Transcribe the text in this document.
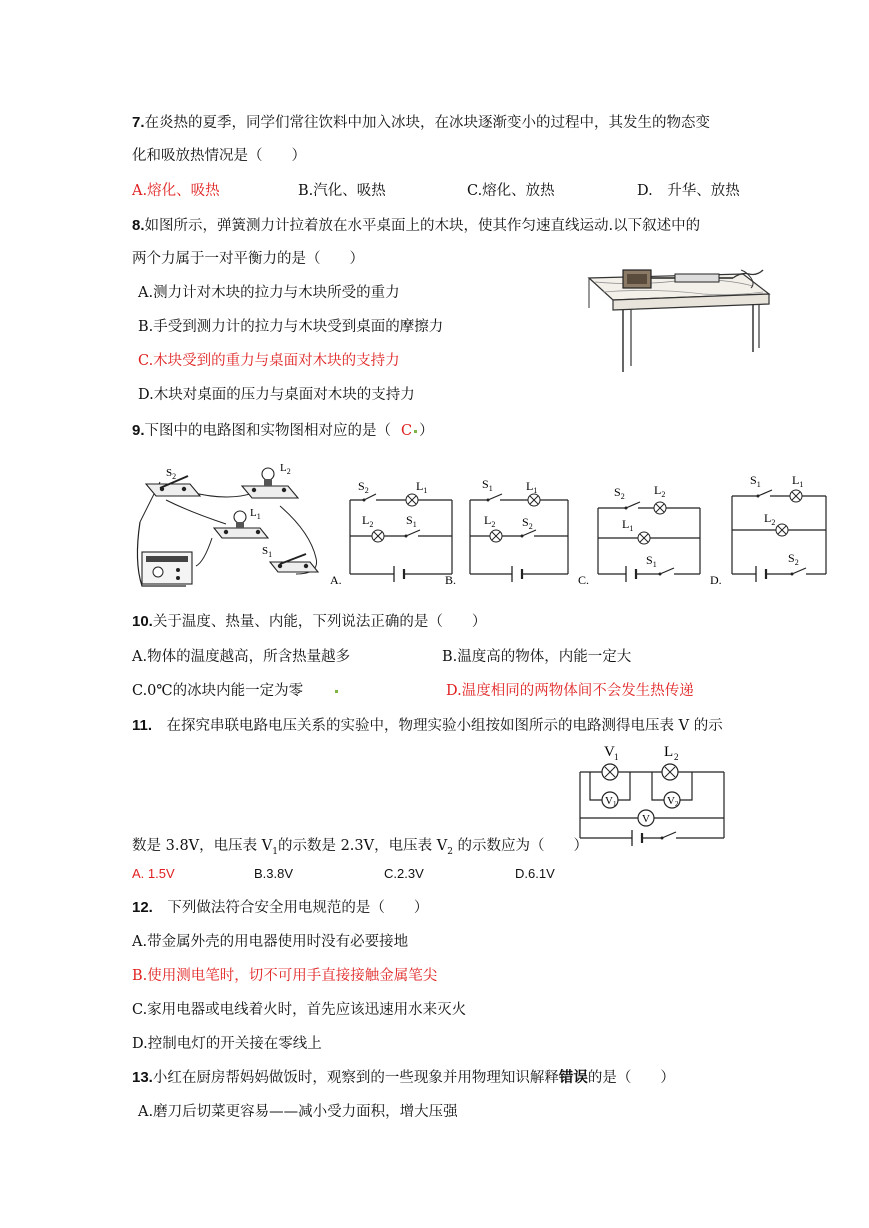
7.在炎热的夏季，同学们常往饮料中加入冰块，在冰块逐渐变小的过程中，其发生的物态变
化和吸放热情况是（　　）
A.熔化、吸热	B.汽化、吸热	C.熔化、放热	D.　升华、放热
8.如图所示，弹簧测力计拉着放在水平桌面上的木块，使其作匀速直线运动.以下叙述中的
两个力属于一对平衡力的是（　　）
A.测力计对木块的拉力与木块所受的重力
B.手受到测力计的拉力与木块受到桌面的摩擦力
C.木块受到的重力与桌面对木块的支持力
D.木块对桌面的压力与桌面对木块的支持力
9.下图中的电路图和实物图相对应的是（ C ）
$S_2$
$L_2$
$L_1$
$S_1$
$S_2$	$L_1$
$L_2$	$S_1$
A.
$S_1$	$L_1$
$L_2$ $S_2$
B.
$S_2$ $L_2$
$L_1$
$S_1$
C.
$S_1$	$L_1$
$L_2$
$S_2$
D.
10.关于温度、热量、内能，下列说法正确的是（　　）
A.物体的温度越高，所含热量越多	B.温度高的物体，内能一定大
C.0℃的冰块内能一定为零	D.温度相同的两物体间不会发生热传递
11.　在探究串联电路电压关系的实验中，物理实验小组按如图所示的电路测得电压表 V 的示
数是 3.8V，电压表 $V_1$的示数是 2.3V，电压表 $V_2$ 的示数应为（　　）
A. 1.5V	B.3.8V	C.2.3V	D.6.1V
V 1	L 2
V1	V2
V
12.　下列做法符合安全用电规范的是（　　）
A.带金属外壳的用电器使用时没有必要接地
B.使用测电笔时，切不可用手直接接触金属笔尖
C.家用电器或电线着火时，首先应该迅速用水来灭火
D.控制电灯的开关接在零线上
13.小红在厨房帮妈妈做饭时，观察到的一些现象并用物理知识解释错误的是（　　）
A.磨刀后切菜更容易——减小受力面积，增大压强
